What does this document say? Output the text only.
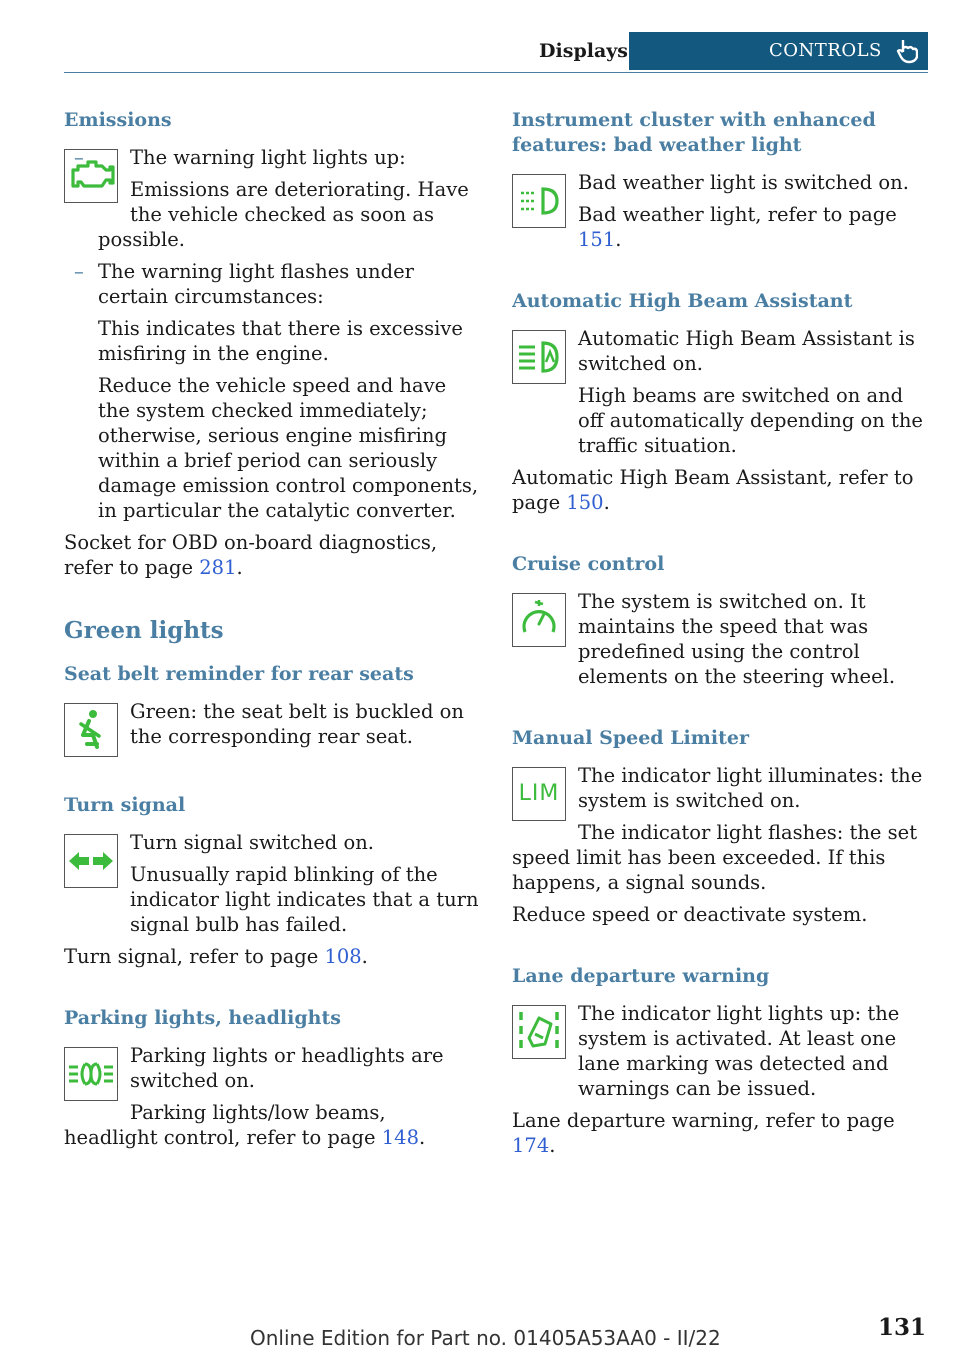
Displays	CONTROLS
Emissions

– The warning light lights up:

Emissions are deteriorating. Have the vehicle checked as soon as possible.

– The warning light flashes under certain circumstances:

This indicates that there is excessive misfiring in the engine.

Reduce the vehicle speed and have the system checked immediately; otherwise, serious engine misfiring within a brief period can seriously damage emission control components, in particular the catalytic converter.

Socket for OBD on-board diagnostics, refer to page 281.

Green lights
Seat belt reminder for rear seats

Green: the seat belt is buckled on the corresponding rear seat.

Turn signal

Turn signal switched on.

Unusually rapid blinking of the indicator light indicates that a turn signal bulb has failed.

Turn signal, refer to page 108.

Parking lights, headlights

Parking lights or headlights are switched on.

Parking lights/low beams, headlight control, refer to page 148.

Instrument cluster with enhanced features: bad weather light

Bad weather light is switched on.

Bad weather light, refer to page 151.

Automatic High Beam Assistant

Automatic High Beam Assistant is switched on.

High beams are switched on and off automatically depending on the traffic situation.

Automatic High Beam Assistant, refer to page 150.

Cruise control

The system is switched on. It maintains the speed that was predefined using the control elements on the steering wheel.

Manual Speed Limiter
LIM

The indicator light illuminates: the system is switched on.

The indicator light flashes: the set speed limit has been exceeded. If this happens, a signal sounds.

Reduce speed or deactivate system.

Lane departure warning

The indicator light lights up: the system is activated. At least one lane marking was detected and warnings can be issued.

Lane departure warning, refer to page 174.

Online Edition for Part no. 01405A53AA0 - II/22	131
